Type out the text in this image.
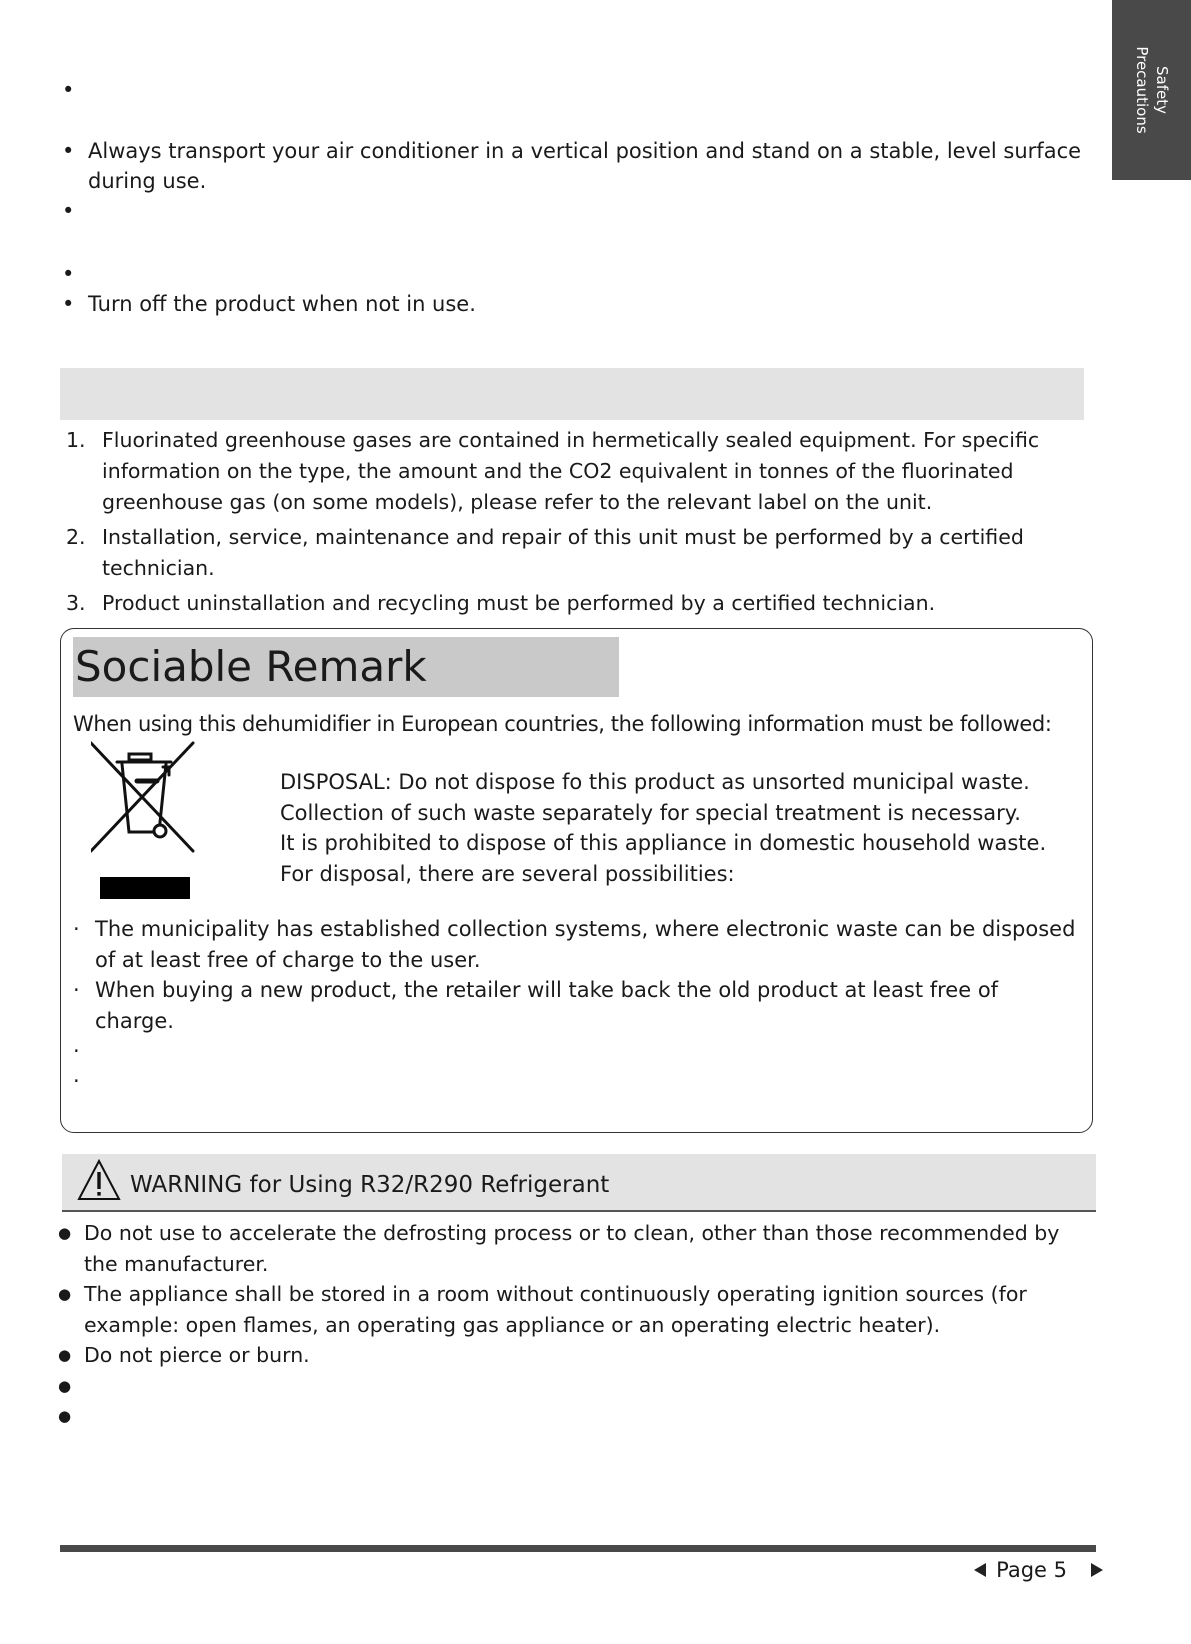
Safety
Precautions
•
• Always transport your air conditioner in a vertical position and stand on a stable, level surface during use.
•
•
• Turn off the product when not in use.
1. Fluorinated greenhouse gases are contained in hermetically sealed equipment. For specific information on the type, the amount and the CO2 equivalent in tonnes of the fluorinated greenhouse gas (on some models), please refer to the relevant label on the unit.
2. Installation, service, maintenance and repair of this unit must be performed by a certified technician.
3. Product uninstallation and recycling must be performed by a certified technician.
Sociable Remark
When using this dehumidifier in European countries, the following information must be followed:
DISPOSAL: Do not dispose fo this product as unsorted municipal waste.
Collection of such waste separately for special treatment is necessary.
It is prohibited to dispose of this appliance in domestic household waste.
For disposal, there are several possibilities:
· The municipality has established collection systems, where electronic waste can be disposed of at least free of charge to the user.
· When buying a new product, the retailer will take back the old product at least free of charge.
·
·
WARNING for Using R32/R290 Refrigerant
● Do not use to accelerate the defrosting process or to clean, other than those recommended by the manufacturer.
● The appliance shall be stored in a room without continuously operating ignition sources (for example: open flames, an operating gas appliance or an operating electric heater).
● Do not pierce or burn.
●
●
Page 5
